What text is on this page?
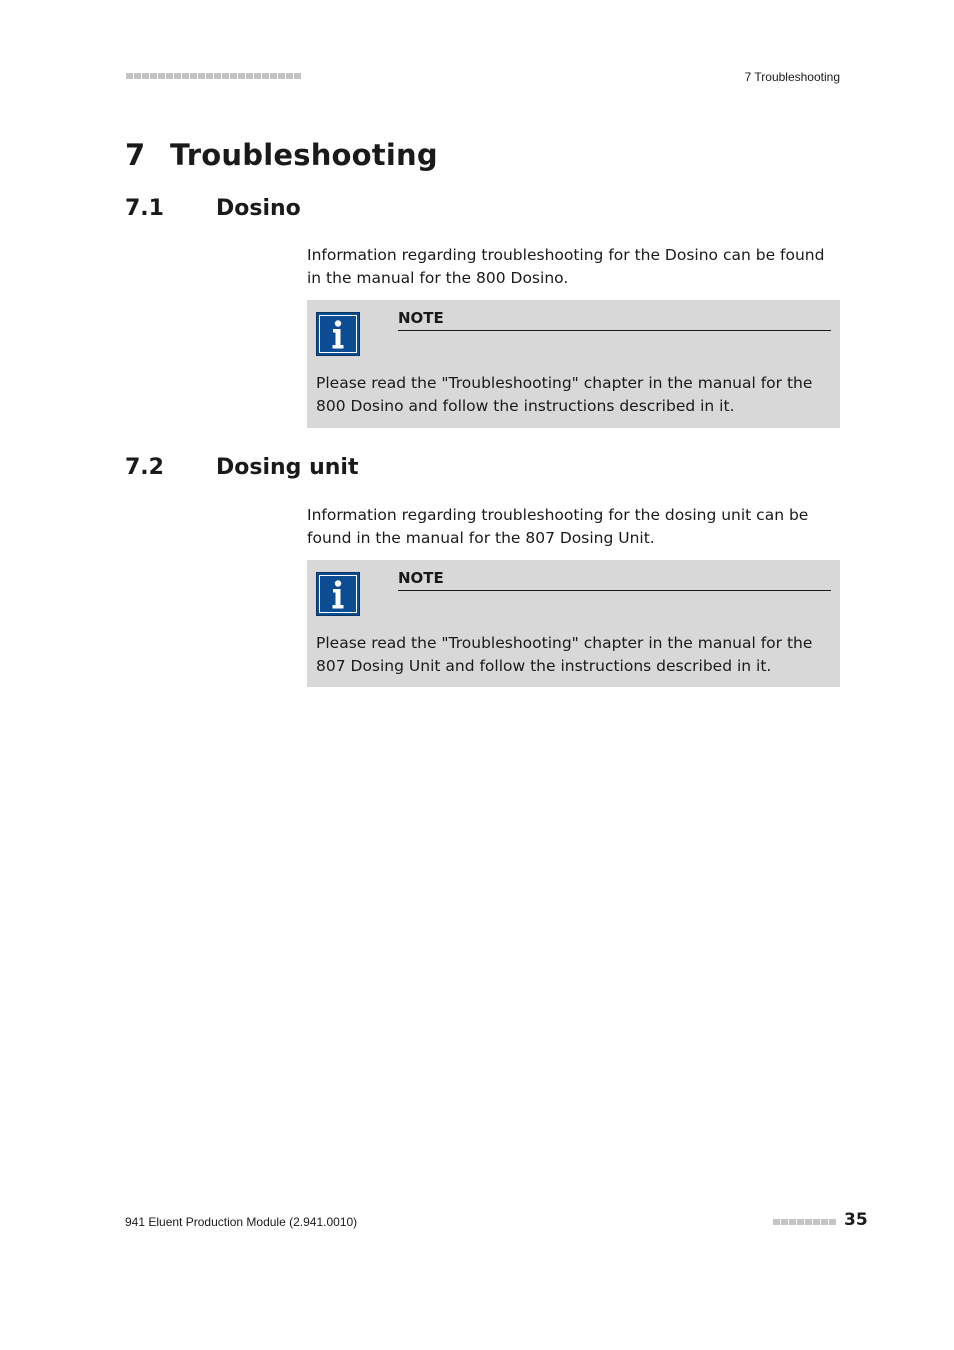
7 Troubleshooting
7 Troubleshooting
7.1 Dosino

Information regarding troubleshooting for the Dosino can be found in the manual for the 800 Dosino.

NOTE

Please read the "Troubleshooting" chapter in the manual for the 800 Dosino and follow the instructions described in it.

7.2 Dosing unit

Information regarding troubleshooting for the dosing unit can be found in the manual for the 807 Dosing Unit.

NOTE

Please read the "Troubleshooting" chapter in the manual for the 807 Dosing Unit and follow the instructions described in it.

941 Eluent Production Module (2.941.0010)	35
